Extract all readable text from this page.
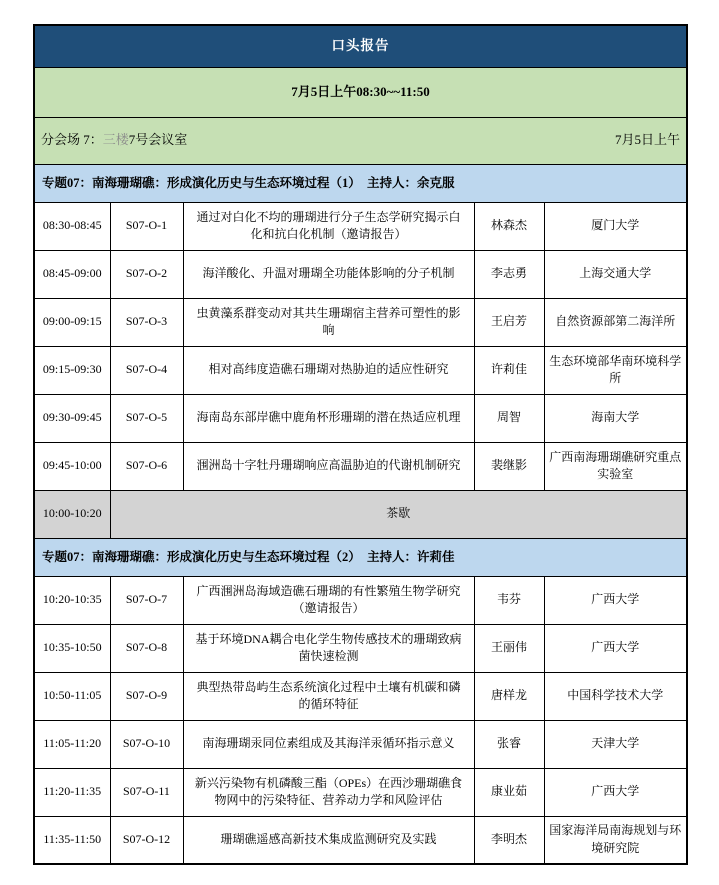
口头报告				
7月5日上午08:30~~11:50				

分会场 7：三楼7号会议室 7月5日上午				

专题07：南海珊瑚礁：形成演化历史与生态环境过程（1）　主持人：余克服				
08:30-08:45	S07-O-1	通过对白化不均的珊瑚进行分子生态学研究揭示白化和抗白化机制（邀请报告）	林森杰	厦门大学
08:45-09:00	S07-O-2	海洋酸化、升温对珊瑚全功能体影响的分子机制	李志勇	上海交通大学
09:00-09:15	S07-O-3	虫黄藻系群变动对其共生珊瑚宿主营养可塑性的影响	王启芳	自然资源部第二海洋所
09:15-09:30	S07-O-4	相对高纬度造礁石珊瑚对热胁迫的适应性研究	许莉佳	生态环境部华南环境科学所
09:30-09:45	S07-O-5	海南岛东部岸礁中鹿角杯形珊瑚的潜在热适应机理	周智	海南大学
09:45-10:00	S07-O-6	涠洲岛十字牡丹珊瑚响应高温胁迫的代谢机制研究	裴继影	广西南海珊瑚礁研究重点实验室
10:00-10:20	茶歇			
专题07：南海珊瑚礁：形成演化历史与生态环境过程（2）　主持人：许莉佳				
10:20-10:35	S07-O-7	广西涠洲岛海域造礁石珊瑚的有性繁殖生物学研究（邀请报告）	韦芬	广西大学
10:35-10:50	S07-O-8	基于环境DNA耦合电化学生物传感技术的珊瑚致病菌快速检测	王丽伟	广西大学
10:50-11:05	S07-O-9	典型热带岛屿生态系统演化过程中土壤有机碳和磷的循环特征	唐样龙	中国科学技术大学
11:05-11:20	S07-O-10	南海珊瑚汞同位素组成及其海洋汞循环指示意义	张睿	天津大学
11:20-11:35	S07-O-11	新兴污染物有机磷酸三酯（OPEs）在西沙珊瑚礁食物网中的污染特征、营养动力学和风险评估	康业茹	广西大学
11:35-11:50	S07-O-12	珊瑚礁遥感高新技术集成监测研究及实践	李明杰	国家海洋局南海规划与环境研究院
